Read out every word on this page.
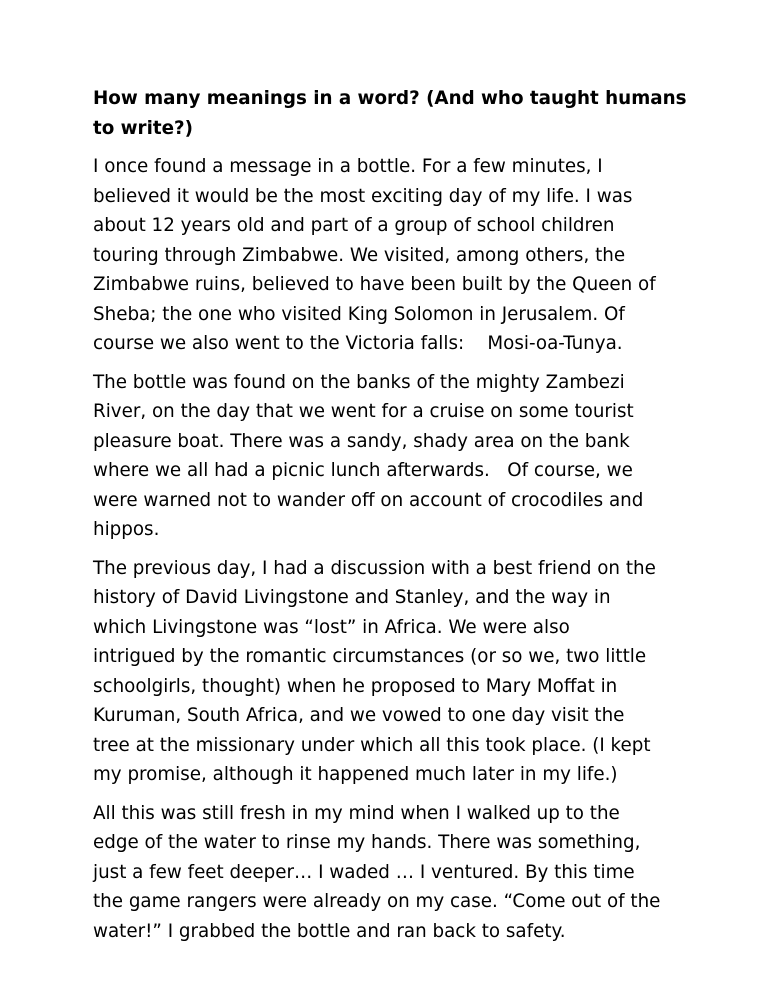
How many meanings in a word? (And who taught humans
to write?)

I once found a message in a bottle. For a few minutes, I
believed it would be the most exciting day of my life. I was
about 12 years old and part of a group of school children
touring through Zimbabwe. We visited, among others, the
Zimbabwe ruins, believed to have been built by the Queen of
Sheba; the one who visited King Solomon in Jerusalem. Of
course we also went to the Victoria falls:    Mosi-oa-Tunya.

The bottle was found on the banks of the mighty Zambezi
River, on the day that we went for a cruise on some tourist
pleasure boat. There was a sandy, shady area on the bank
where we all had a picnic lunch afterwards.   Of course, we
were warned not to wander off on account of crocodiles and
hippos.

The previous day, I had a discussion with a best friend on the
history of David Livingstone and Stanley, and the way in
which Livingstone was “lost” in Africa. We were also
intrigued by the romantic circumstances (or so we, two little
schoolgirls, thought) when he proposed to Mary Moffat in
Kuruman, South Africa, and we vowed to one day visit the
tree at the missionary under which all this took place. (I kept
my promise, although it happened much later in my life.)

All this was still fresh in my mind when I walked up to the
edge of the water to rinse my hands. There was something,
just a few feet deeper… I waded … I ventured. By this time
the game rangers were already on my case. “Come out of the
water!” I grabbed the bottle and ran back to safety.
